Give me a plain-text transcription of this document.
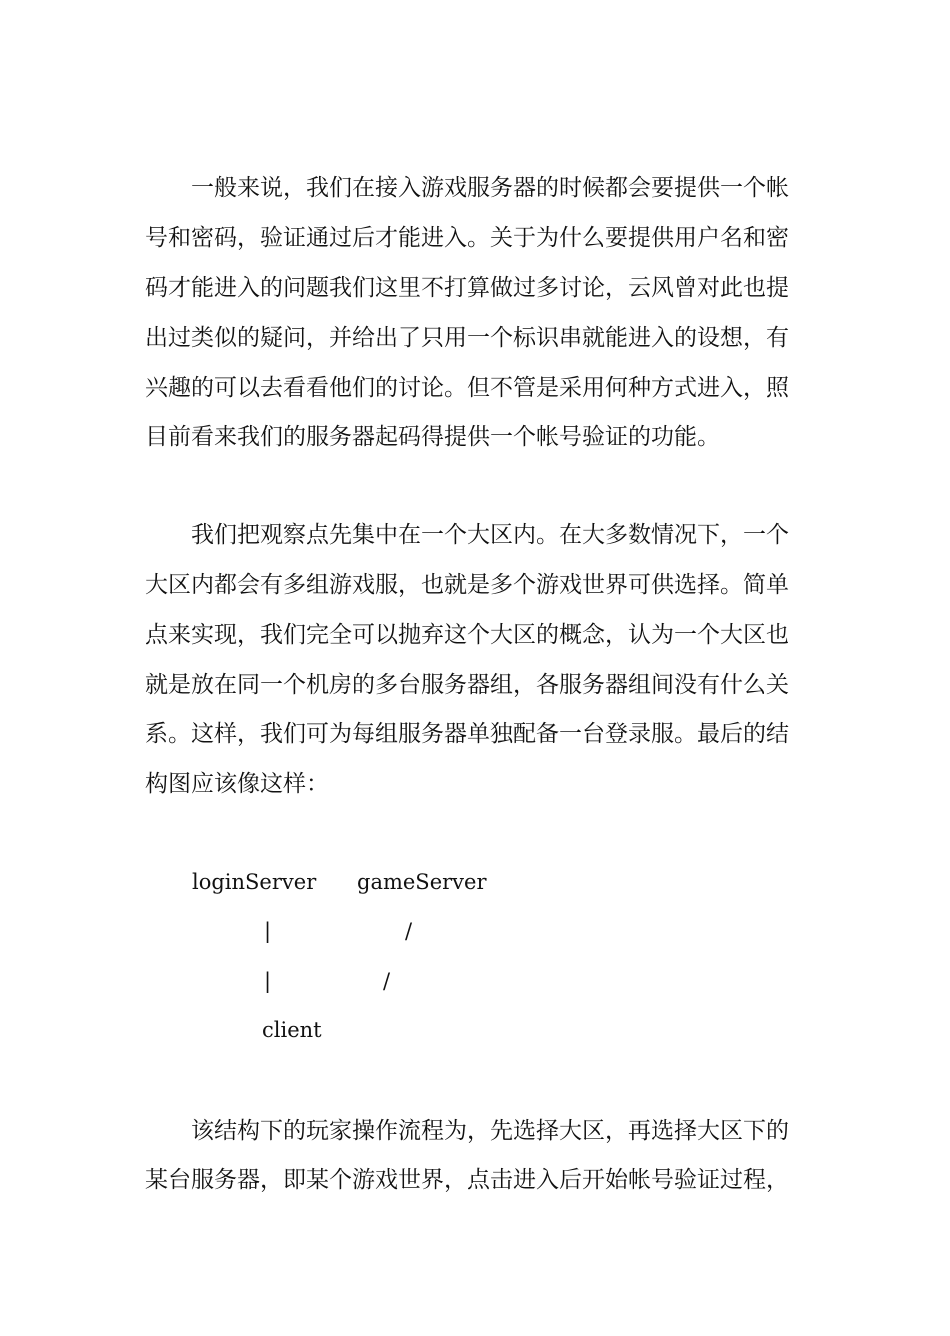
　　一般来说，我们在接入游戏服务器的时候都会要提供一个帐
号和密码，验证通过后才能进入。关于为什么要提供用户名和密
码才能进入的问题我们这里不打算做过多讨论，云风曾对此也提
出过类似的疑问，并给出了只用一个标识串就能进入的设想，有
兴趣的可以去看看他们的讨论。但不管是采用何种方式进入，照
目前看来我们的服务器起码得提供一个帐号验证的功能。
　　我们把观察点先集中在一个大区内。在大多数情况下，一个
大区内都会有多组游戏服，也就是多个游戏世界可供选择。简单
点来实现，我们完全可以抛弃这个大区的概念，认为一个大区也
就是放在同一个机房的多台服务器组，各服务器组间没有什么关
系。这样，我们可为每组服务器单独配备一台登录服。最后的结
构图应该像这样：
loginServer gameServer
|	/
|	/
client
　　该结构下的玩家操作流程为，先选择大区，再选择大区下的
某台服务器，即某个游戏世界，点击进入后开始帐号验证过程，
